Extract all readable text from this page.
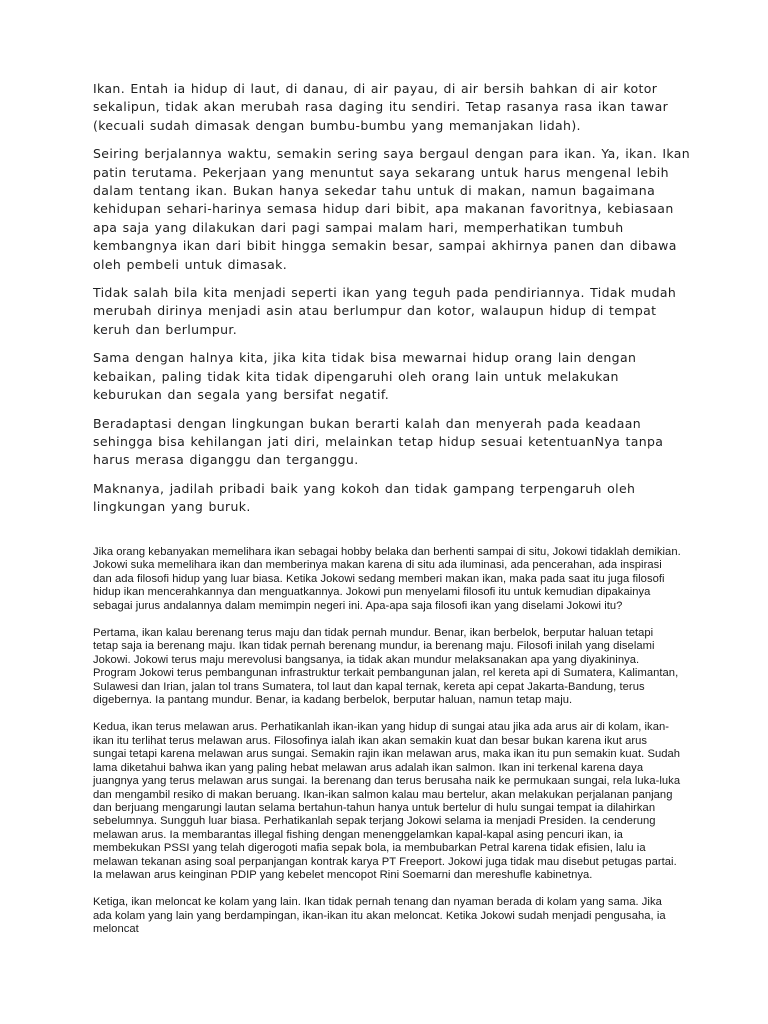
Ikan. Entah ia hidup di laut, di danau, di air payau, di air bersih bahkan di air kotor sekalipun, tidak akan merubah rasa daging itu sendiri. Tetap rasanya rasa ikan tawar (kecuali sudah dimasak dengan bumbu-bumbu yang memanjakan lidah).

Seiring berjalannya waktu, semakin sering saya bergaul dengan para ikan. Ya, ikan. Ikan patin terutama. Pekerjaan yang menuntut saya sekarang untuk harus mengenal lebih dalam tentang ikan. Bukan hanya sekedar tahu untuk di makan, namun bagaimana kehidupan sehari-harinya semasa hidup dari bibit, apa makanan favoritnya, kebiasaan apa saja yang dilakukan dari pagi sampai malam hari, memperhatikan tumbuh kembangnya ikan dari bibit hingga semakin besar, sampai akhirnya panen dan dibawa oleh pembeli untuk dimasak.

Tidak salah bila kita menjadi seperti ikan yang teguh pada pendiriannya. Tidak mudah merubah dirinya menjadi asin atau berlumpur dan kotor, walaupun hidup di tempat keruh dan berlumpur.

Sama dengan halnya kita, jika kita tidak bisa mewarnai hidup orang lain dengan kebaikan, paling tidak kita tidak dipengaruhi oleh orang lain untuk melakukan keburukan dan segala yang bersifat negatif.

Beradaptasi dengan lingkungan bukan berarti kalah dan menyerah pada keadaan sehingga bisa kehilangan jati diri, melainkan tetap hidup sesuai ketentuanNya tanpa harus merasa diganggu dan terganggu.

Maknanya, jadilah pribadi baik yang kokoh dan tidak gampang terpengaruh oleh lingkungan yang buruk.

Jika orang kebanyakan memelihara ikan sebagai hobby belaka dan berhenti sampai di situ, Jokowi tidaklah demikian. Jokowi suka memelihara ikan dan memberinya makan karena di situ ada iluminasi, ada pencerahan, ada inspirasi dan ada filosofi hidup yang luar biasa. Ketika Jokowi sedang memberi makan ikan, maka pada saat itu juga filosofi hidup ikan mencerahkannya dan menguatkannya. Jokowi pun menyelami filosofi itu untuk kemudian dipakainya sebagai jurus andalannya dalam memimpin negeri ini. Apa-apa saja filosofi ikan yang diselami Jokowi itu?

Pertama, ikan kalau berenang terus maju dan tidak pernah mundur. Benar, ikan berbelok, berputar haluan tetapi tetap saja ia berenang maju. Ikan tidak pernah berenang mundur, ia berenang maju. Filosofi inilah yang diselami Jokowi. Jokowi terus maju merevolusi bangsanya, ia tidak akan mundur melaksanakan apa yang diyakininya. Program Jokowi terus pembangunan infrastruktur terkait pembangunan jalan, rel kereta api di Sumatera, Kalimantan, Sulawesi dan Irian, jalan tol trans Sumatera, tol laut dan kapal ternak, kereta api cepat Jakarta-Bandung, terus digebernya. Ia pantang mundur. Benar, ia kadang berbelok, berputar haluan, namun tetap maju.

Kedua, ikan terus melawan arus. Perhatikanlah ikan-ikan yang hidup di sungai atau jika ada arus air di kolam, ikan-ikan itu terlihat terus melawan arus. Filosofinya ialah ikan akan semakin kuat dan besar bukan karena ikut arus sungai tetapi karena melawan arus sungai. Semakin rajin ikan melawan arus, maka ikan itu pun semakin kuat. Sudah lama diketahui bahwa ikan yang paling hebat melawan arus adalah ikan salmon. Ikan ini terkenal karena daya juangnya yang terus melawan arus sungai. Ia berenang dan terus berusaha naik ke permukaan sungai, rela luka-luka dan mengambil resiko di makan beruang. Ikan-ikan salmon kalau mau bertelur, akan melakukan perjalanan panjang dan berjuang mengarungi lautan selama bertahun-tahun hanya untuk bertelur di hulu sungai tempat ia dilahirkan sebelumnya. Sungguh luar biasa. Perhatikanlah sepak terjang Jokowi selama ia menjadi Presiden. Ia cenderung melawan arus. Ia membarantas illegal fishing dengan menenggelamkan kapal-kapal asing pencuri ikan, ia membekukan PSSI yang telah digerogoti mafia sepak bola, ia membubarkan Petral karena tidak efisien, lalu ia melawan tekanan asing soal perpanjangan kontrak karya PT Freeport. Jokowi juga tidak mau disebut petugas partai. Ia melawan arus keinginan PDIP yang kebelet mencopot Rini Soemarni dan mereshufle kabinetnya.

Ketiga, ikan meloncat ke kolam yang lain. Ikan tidak pernah tenang dan nyaman berada di kolam yang sama. Jika ada kolam yang lain yang berdampingan, ikan-ikan itu akan meloncat. Ketika Jokowi sudah menjadi pengusaha, ia meloncat
